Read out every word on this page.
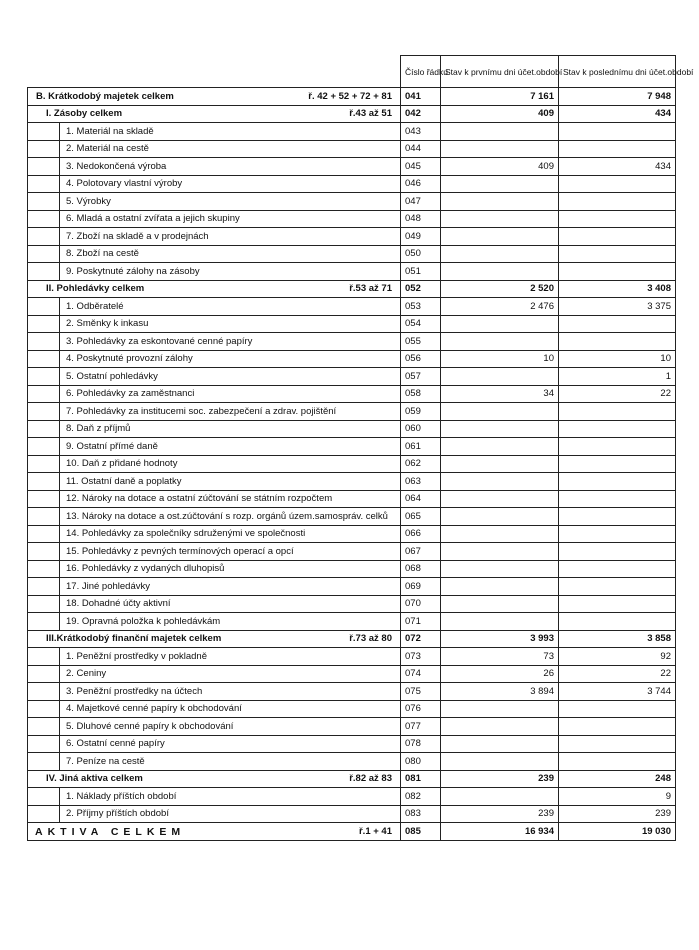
	Číslo řádku	Stav k prvnímu dni účet.období	Stav k poslednímu dni účet.období

B. Krátkodobý majetek celkem ř. 42 + 52 + 72 + 81	041	7 161	7 948

I. Zásoby celkem ř.43 až 51	042	409	434

1. Materiál na skladě	043		

2. Materiál na cestě	044		

3. Nedokončená výroba	045	409	434

4. Polotovary vlastní výroby	046		

5. Výrobky	047		

6. Mladá a ostatní zvířata a jejich skupiny	048		

7. Zboží na skladě a v prodejnách	049		

8. Zboží na cestě	050		

9. Poskytnuté zálohy na zásoby	051		

II. Pohledávky celkem ř.53 až 71	052	2 520	3 408

1. Odběratelé	053	2 476	3 375

2. Směnky k inkasu	054		

3. Pohledávky za eskontované cenné papíry	055		

4. Poskytnuté provozní zálohy	056	10	10

5. Ostatní pohledávky	057		1

6. Pohledávky za zaměstnanci	058	34	22

7. Pohledávky za institucemi soc. zabezpečení a zdrav. pojištění	059		

8. Daň z příjmů	060		

9. Ostatní přímé daně	061		

10. Daň z přidané hodnoty	062		

11. Ostatní daně a poplatky	063		

12. Nároky na dotace a ostatní zúčtování se státním rozpočtem	064		

13. Nároky na dotace a ost.zúčtování s rozp. orgánů územ.samospráv. celků	065		

14. Pohledávky za společníky sdruženými ve společnosti	066		

15. Pohledávky z pevných termínových operací a opcí	067		

16. Pohledávky z vydaných dluhopisů	068		

17. Jiné pohledávky	069		

18. Dohadné účty aktivní	070		

19. Opravná položka k pohledávkám	071		

III.Krátkodobý finanční majetek celkem ř.73 až 80	072	3 993	3 858

1. Peněžní prostředky v pokladně	073	73	92

2. Ceniny	074	26	22

3. Peněžní prostředky na účtech	075	3 894	3 744

4. Majetkové cenné papíry k obchodování	076		

5. Dluhové cenné papíry k obchodování	077		

6. Ostatní cenné papíry	078		

7. Peníze na cestě	080		

IV. Jiná aktiva celkem ř.82 až 83	081	239	248

1. Náklady příštích období	082		9

2. Příjmy příštích období	083	239	239

AKTIVA CELKEM ř.1 + 41	085	16 934	19 030
